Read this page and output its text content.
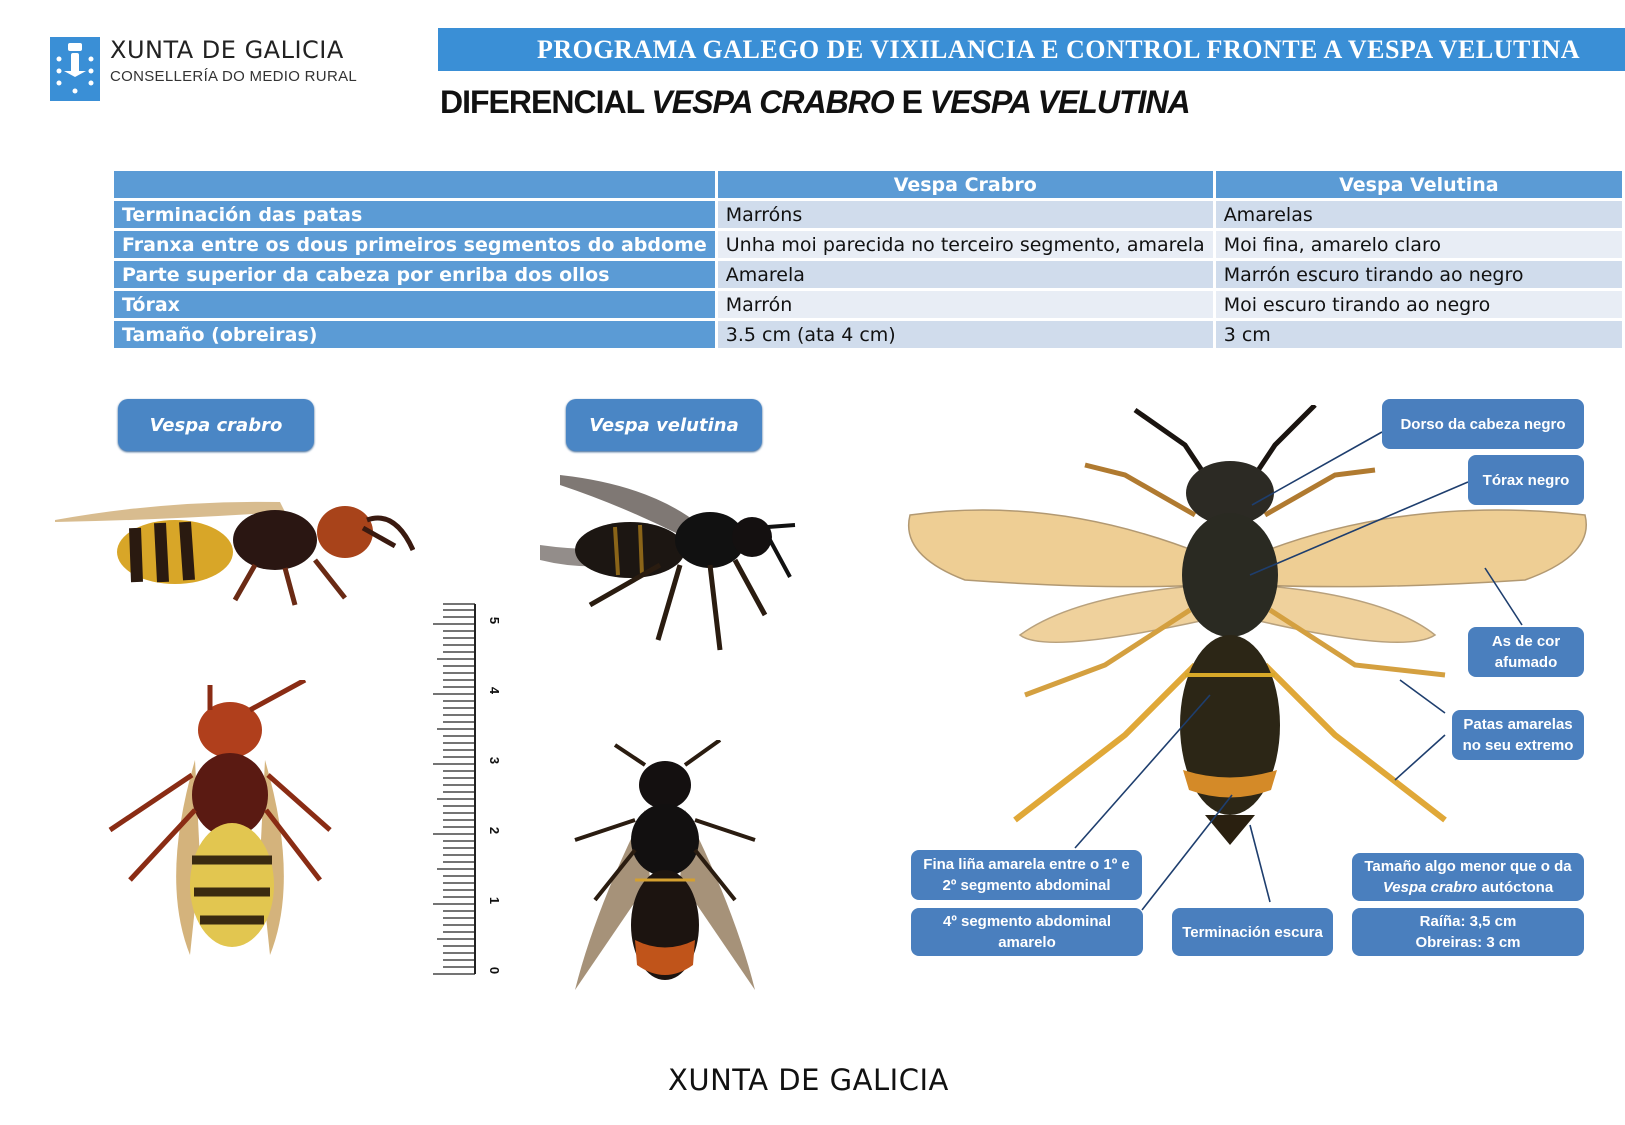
XUNTA DE GALICIA
CONSELLERÍA DO MEDIO RURAL
PROGRAMA GALEGO DE VIXILANCIA E CONTROL FRONTE A VESPA VELUTINA
DIFERENCIAL VESPA CRABRO E VESPA VELUTINA
	Vespa Crabro	Vespa Velutina
Terminación das patas	Marróns	Amarelas
Franxa entre os dous primeiros segmentos do abdome	Unha moi parecida no terceiro segmento, amarela	Moi fina, amarelo claro
Parte superior da cabeza por enriba dos ollos	Amarela	Marrón escuro tirando ao negro
Tórax	Marrón	Moi escuro tirando ao negro
Tamaño (obreiras)	3.5 cm (ata 4 cm)	3 cm
Vespa crabro	Vespa velutina
0
1
2
3
4
5
Dorso da cabeza negro
Tórax negro
As de cor afumado
Patas amarelas no seu extremo
Fina liña amarela entre o 1º e 2º segmento abdominal
4º segmento abdominal amarelo
Terminación escura
Tamaño algo menor que o da
Vespa crabro autóctona
Raíña: 3,5 cm
Obreiras: 3 cm
XUNTA DE GALICIA
